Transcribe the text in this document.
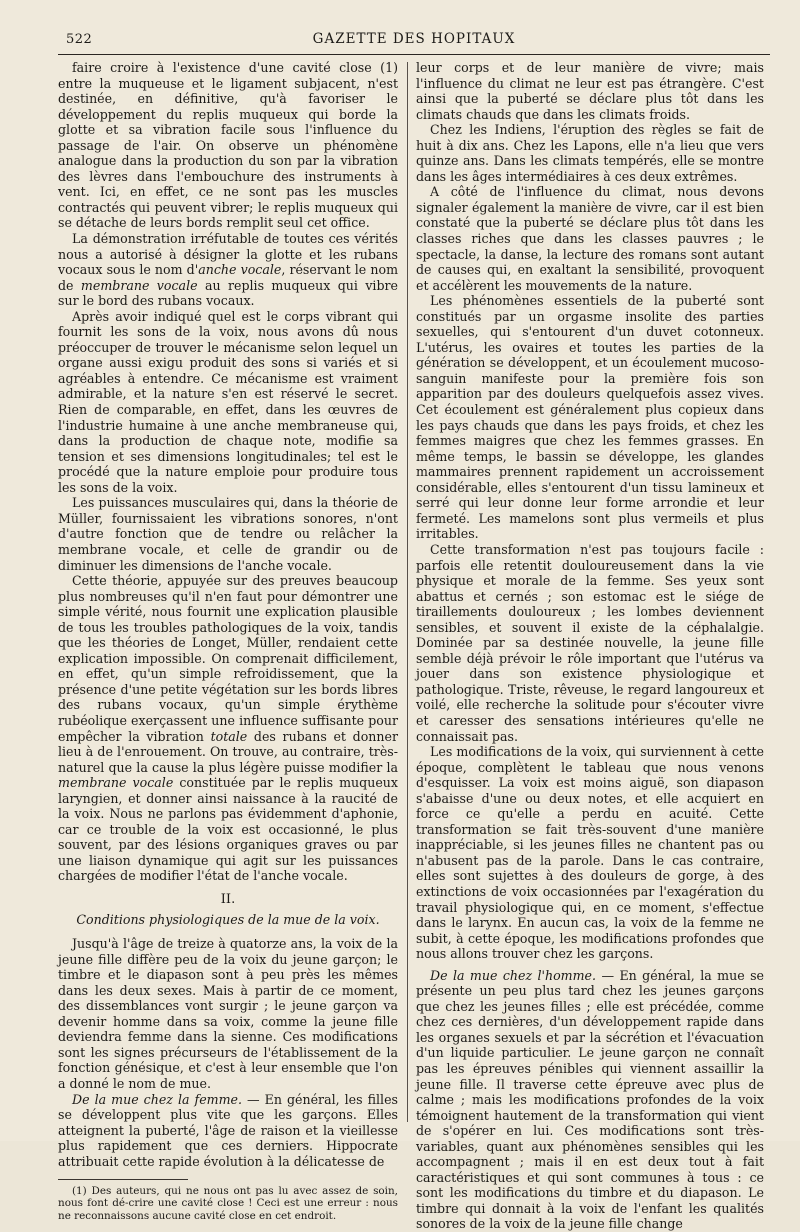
522	GAZETTE DES HOPITAUX

faire croire à l'existence d'une cavité close (1) entre la muqueuse et le ligament subjacent, n'est destinée, en définitive, qu'à favoriser le développement du replis muqueux qui borde la glotte et sa vibration facile sous l'influence du passage de l'air. On observe un phénomène analogue dans la production du son par la vibration des lèvres dans l'embouchure des instruments à vent. Ici, en effet, ce ne sont pas les muscles contractés qui peuvent vibrer; le replis muqueux qui se détache de leurs bords remplit seul cet office.

La démonstration irréfutable de toutes ces vérités nous a autorisé à désigner la glotte et les rubans vocaux sous le nom d'anche vocale, réservant le nom de membrane vocale au replis muqueux qui vibre sur le bord des rubans vocaux.

Après avoir indiqué quel est le corps vibrant qui fournit les sons de la voix, nous avons dû nous préoccuper de trouver le mécanisme selon lequel un organe aussi exigu produit des sons si variés et si agréables à entendre. Ce mécanisme est vraiment admirable, et la nature s'en est réservé le secret. Rien de comparable, en effet, dans les œuvres de l'industrie humaine à une anche membraneuse qui, dans la production de chaque note, modifie sa tension et ses dimensions longitudinales; tel est le procédé que la nature emploie pour produire tous les sons de la voix.

Les puissances musculaires qui, dans la théorie de Müller, fournissaient les vibrations sonores, n'ont d'autre fonction que de tendre ou relâcher la membrane vocale, et celle de grandir ou de diminuer les dimensions de l'anche vocale.

Cette théorie, appuyée sur des preuves beaucoup plus nombreuses qu'il n'en faut pour démontrer une simple vérité, nous fournit une explication plausible de tous les troubles pathologiques de la voix, tandis que les théories de Longet, Müller, rendaient cette explication impossible. On comprenait difficilement, en effet, qu'un simple refroidissement, que la présence d'une petite végétation sur les bords libres des rubans vocaux, qu'un simple érythème rubéolique exerçassent une influence suffisante pour empêcher la vibration totale des rubans et donner lieu à de l'enrouement. On trouve, au contraire, très-naturel que la cause la plus légère puisse modifier la membrane vocale constituée par le replis muqueux laryngien, et donner ainsi naissance à la raucité de la voix. Nous ne parlons pas évidemment d'aphonie, car ce trouble de la voix est occasionné, le plus souvent, par des lésions organiques graves ou par une liaison dynamique qui agit sur les puissances chargées de modifier l'état de l'anche vocale.

II.

Conditions physiologiques de la mue de la voix.

Jusqu'à l'âge de treize à quatorze ans, la voix de la jeune fille diffère peu de la voix du jeune garçon; le timbre et le diapason sont à peu près les mêmes dans les deux sexes. Mais à partir de ce moment, des dissemblances vont surgir ; le jeune garçon va devenir homme dans sa voix, comme la jeune fille deviendra femme dans la sienne. Ces modifications sont les signes précurseurs de l'établissement de la fonction génésique, et c'est à leur ensemble que l'on a donné le nom de mue.

De la mue chez la femme. — En général, les filles se développent plus vite que les garçons. Elles atteignent la puberté, l'âge de raison et la vieillesse plus rapidement que ces derniers. Hippocrate attribuait cette rapide évolution à la délicatesse de

(1) Des auteurs, qui ne nous ont pas lu avec assez de soin, nous font dé-crire une cavité close ! Ceci est une erreur : nous ne reconnaissons aucune cavité close en cet endroit.

leur corps et de leur manière de vivre; mais l'influence du climat ne leur est pas étrangère. C'est ainsi que la puberté se déclare plus tôt dans les climats chauds que dans les climats froids.

Chez les Indiens, l'éruption des règles se fait de huit à dix ans. Chez les Lapons, elle n'a lieu que vers quinze ans. Dans les climats tempérés, elle se montre dans les âges intermédiaires à ces deux extrêmes.

A côté de l'influence du climat, nous devons signaler également la manière de vivre, car il est bien constaté que la puberté se déclare plus tôt dans les classes riches que dans les classes pauvres ; le spectacle, la danse, la lecture des romans sont autant de causes qui, en exaltant la sensibilité, provoquent et accélèrent les mouvements de la nature.

Les phénomènes essentiels de la puberté sont constitués par un orgasme insolite des parties sexuelles, qui s'entourent d'un duvet cotonneux. L'utérus, les ovaires et toutes les parties de la génération se développent, et un écoulement mucoso-sanguin manifeste pour la première fois son apparition par des douleurs quelquefois assez vives. Cet écoulement est généralement plus copieux dans les pays chauds que dans les pays froids, et chez les femmes maigres que chez les femmes grasses. En même temps, le bassin se développe, les glandes mammaires prennent rapidement un accroissement considérable, elles s'entourent d'un tissu lamineux et serré qui leur donne leur forme arrondie et leur fermeté. Les mamelons sont plus vermeils et plus irritables.

Cette transformation n'est pas toujours facile : parfois elle retentit douloureusement dans la vie physique et morale de la femme. Ses yeux sont abattus et cernés ; son estomac est le siége de tiraillements douloureux ; les lombes deviennent sensibles, et souvent il existe de la céphalalgie. Dominée par sa destinée nouvelle, la jeune fille semble déjà prévoir le rôle important que l'utérus va jouer dans son existence physiologique et pathologique. Triste, rêveuse, le regard langoureux et voilé, elle recherche la solitude pour s'écouter vivre et caresser des sensations intérieures qu'elle ne connaissait pas.

Les modifications de la voix, qui surviennent à cette époque, complètent le tableau que nous venons d'esquisser. La voix est moins aiguë, son diapason s'abaisse d'une ou deux notes, et elle acquiert en force ce qu'elle a perdu en acuité. Cette transformation se fait très-souvent d'une manière inappréciable, si les jeunes filles ne chantent pas ou n'abusent pas de la parole. Dans le cas contraire, elles sont sujettes à des douleurs de gorge, à des extinctions de voix occasionnées par l'exagération du travail physiologique qui, en ce moment, s'effectue dans le larynx. En aucun cas, la voix de la femme ne subit, à cette époque, les modifications profondes que nous allons trouver chez les garçons.

De la mue chez l'homme. — En général, la mue se présente un peu plus tard chez les jeunes garçons que chez les jeunes filles ; elle est précédée, comme chez ces dernières, d'un développement rapide dans les organes sexuels et par la sécrétion et l'évacuation d'un liquide particulier. Le jeune garçon ne connaît pas les épreuves pénibles qui viennent assaillir la jeune fille. Il traverse cette épreuve avec plus de calme ; mais les modifications profondes de la voix témoignent hautement de la transformation qui vient de s'opérer en lui. Ces modifications sont très-variables, quant aux phénomènes sensibles qui les accompagnent ; mais il en est deux tout à fait caractéristiques et qui sont communes à tous : ce sont les modifications du timbre et du diapason. Le timbre qui donnait à la voix de l'enfant les qualités sonores de la voix de la jeune fille change
